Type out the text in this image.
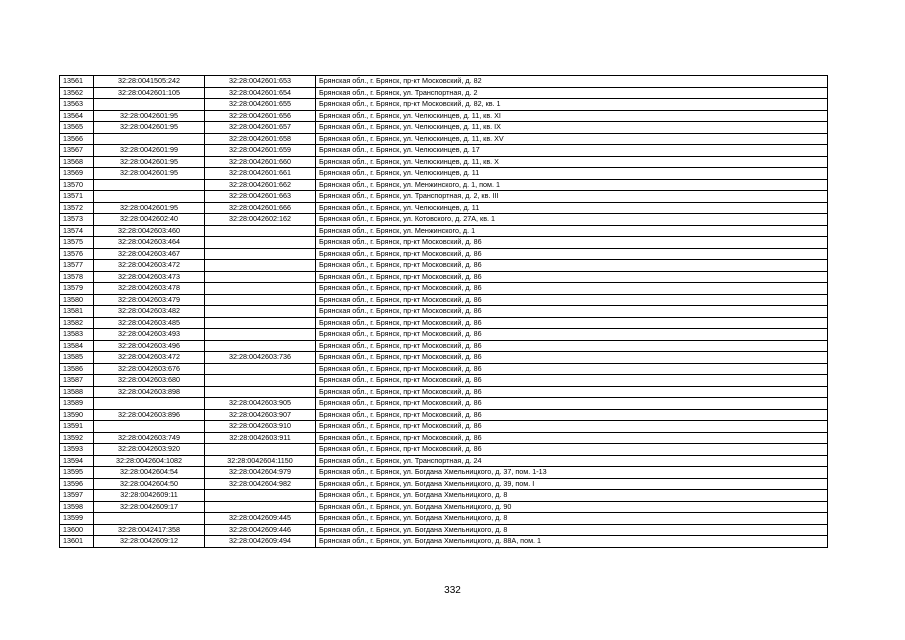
13561	32:28:0041505:242	32:28:0042601:653	Брянская обл., г. Брянск, пр-кт Московский, д. 82
13562	32:28:0042601:105	32:28:0042601:654	Брянская обл., г. Брянск, ул. Транспортная, д. 2
13563		32:28:0042601:655	Брянская обл., г. Брянск, пр-кт Московский, д. 82, кв. 1
13564	32:28:0042601:95	32:28:0042601:656	Брянская обл., г. Брянск, ул. Челюскинцев, д. 11, кв. XI
13565	32:28:0042601:95	32:28:0042601:657	Брянская обл., г. Брянск, ул. Челюскинцев, д. 11, кв. IX
13566		32:28:0042601:658	Брянская обл., г. Брянск, ул. Челюскинцев, д. 11, кв. XV
13567	32:28:0042601:99	32:28:0042601:659	Брянская обл., г. Брянск, ул. Челюскинцев, д. 17
13568	32:28:0042601:95	32:28:0042601:660	Брянская обл., г. Брянск, ул. Челюскинцев, д. 11, кв. X
13569	32:28:0042601:95	32:28:0042601:661	Брянская обл., г. Брянск, ул. Челюскинцев, д. 11
13570		32:28:0042601:662	Брянская обл., г. Брянск, ул. Менжинского, д. 1, пом. 1
13571		32:28:0042601:663	Брянская обл., г. Брянск, ул. Транспортная, д. 2, кв. III
13572	32:28:0042601:95	32:28:0042601:666	Брянская обл., г. Брянск, ул. Челюскинцев, д. 11
13573	32:28:0042602:40	32:28:0042602:162	Брянская обл., г. Брянск, ул. Котовского, д. 27А, кв. 1
13574	32:28:0042603:460		Брянская обл., г. Брянск, ул. Менжинского, д. 1
13575	32:28:0042603:464		Брянская обл., г. Брянск, пр-кт Московский, д. 86
13576	32:28:0042603:467		Брянская обл., г. Брянск, пр-кт Московский, д. 86
13577	32:28:0042603:472		Брянская обл., г. Брянск, пр-кт Московский, д. 86
13578	32:28:0042603:473		Брянская обл., г. Брянск, пр-кт Московский, д. 86
13579	32:28:0042603:478		Брянская обл., г. Брянск, пр-кт Московский, д. 86
13580	32:28:0042603:479		Брянская обл., г. Брянск, пр-кт Московский, д. 86
13581	32:28:0042603:482		Брянская обл., г. Брянск, пр-кт Московский, д. 86
13582	32:28:0042603:485		Брянская обл., г. Брянск, пр-кт Московский, д. 86
13583	32:28:0042603:493		Брянская обл., г. Брянск, пр-кт Московский, д. 86
13584	32:28:0042603:496		Брянская обл., г. Брянск, пр-кт Московский, д. 86
13585	32:28:0042603:472	32:28:0042603:736	Брянская обл., г. Брянск, пр-кт Московский, д. 86
13586	32:28:0042603:676		Брянская обл., г. Брянск, пр-кт Московский, д. 86
13587	32:28:0042603:680		Брянская обл., г. Брянск, пр-кт Московский, д. 86
13588	32:28:0042603:898		Брянская обл., г. Брянск, пр-кт Московский, д. 86
13589		32:28:0042603:905	Брянская обл., г. Брянск, пр-кт Московский, д. 86
13590	32:28:0042603:896	32:28:0042603:907	Брянская обл., г. Брянск, пр-кт Московский, д. 86
13591		32:28:0042603:910	Брянская обл., г. Брянск, пр-кт Московский, д. 86
13592	32:28:0042603:749	32:28:0042603:911	Брянская обл., г. Брянск, пр-кт Московский, д. 86
13593	32:28:0042603:920		Брянская обл., г. Брянск, пр-кт Московский, д. 86
13594	32:28:0042604:1082	32:28:0042604:1150	Брянская обл., г. Брянск, ул. Транспортная, д. 24
13595	32:28:0042604:54	32:28:0042604:979	Брянская обл., г. Брянск, ул. Богдана Хмельницкого, д. 37, пом. 1-13
13596	32:28:0042604:50	32:28:0042604:982	Брянская обл., г. Брянск, ул. Богдана Хмельницкого, д. 39, пом. I
13597	32:28:0042609:11		Брянская обл., г. Брянск, ул. Богдана Хмельницкого, д. 8
13598	32:28:0042609:17		Брянская обл., г. Брянск, ул. Богдана Хмельницкого, д. 90
13599		32:28:0042609:445	Брянская обл., г. Брянск, ул. Богдана Хмельницкого, д. 8
13600	32:28:0042417:358	32:28:0042609:446	Брянская обл., г. Брянск, ул. Богдана Хмельницкого, д. 8
13601	32:28:0042609:12	32:28:0042609:494	Брянская обл., г. Брянск, ул. Богдана Хмельницкого, д. 88А, пом. 1
332
